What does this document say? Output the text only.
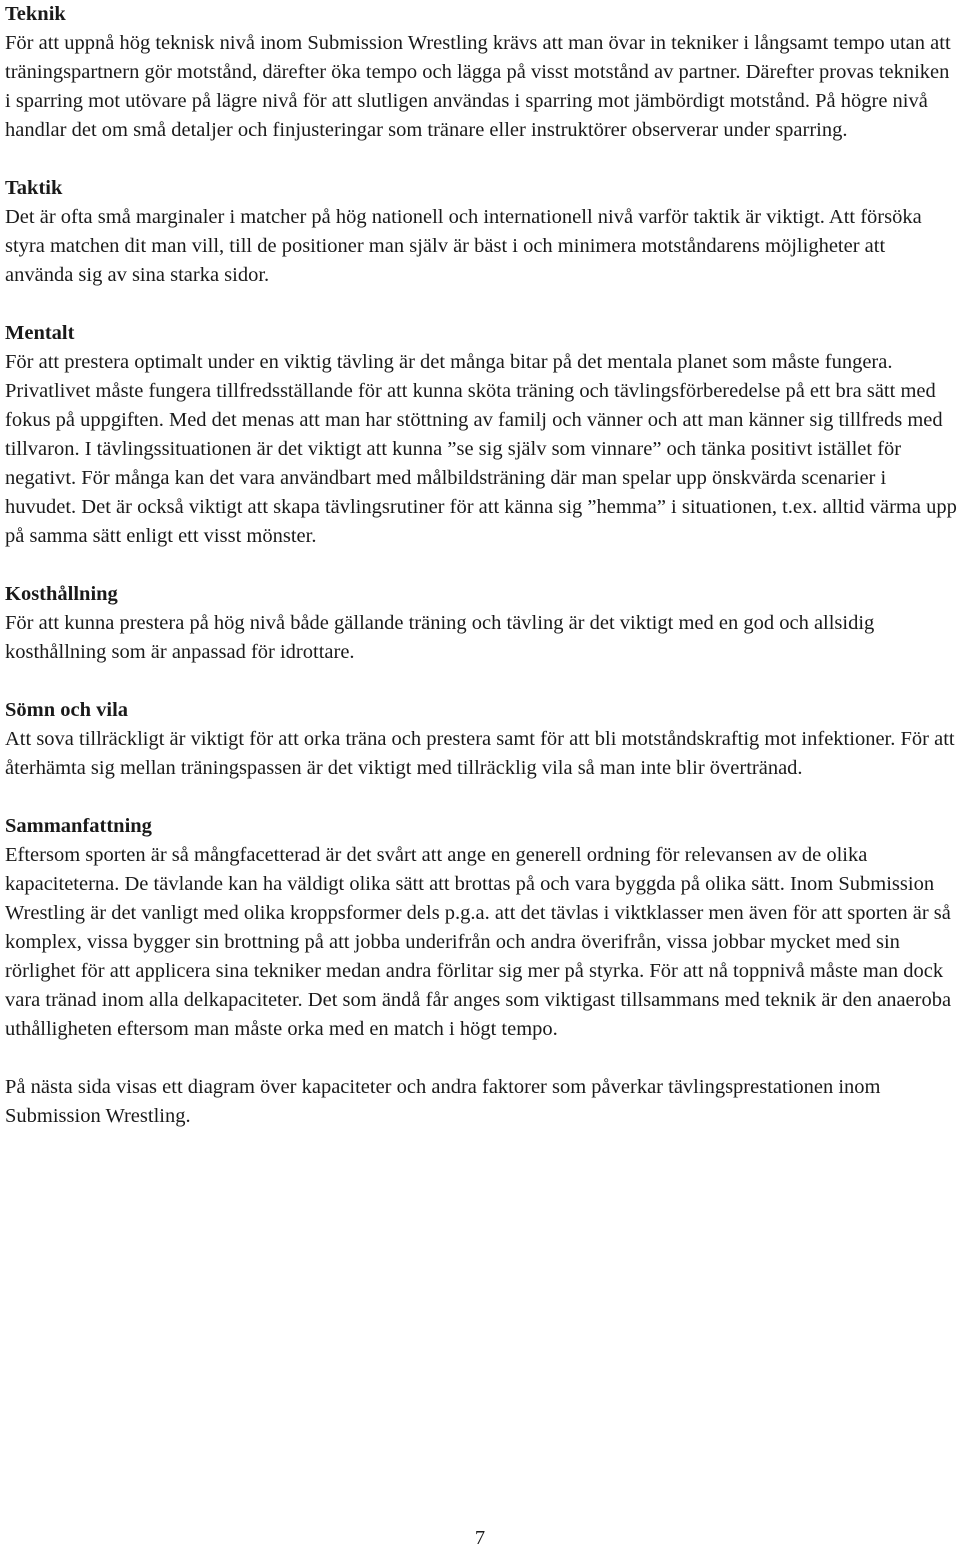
Teknik

För att uppnå hög teknisk nivå inom Submission Wrestling krävs att man övar in tekniker i långsamt tempo utan att träningspartnern gör motstånd, därefter öka tempo och lägga på visst motstånd av partner. Därefter provas tekniken i sparring mot utövare på lägre nivå för att slutligen användas i sparring mot jämbördigt motstånd. På högre nivå handlar det om små detaljer och finjusteringar som tränare eller instruktörer observerar under sparring.

Taktik

Det är ofta små marginaler i matcher på hög nationell och internationell nivå varför taktik är viktigt. Att försöka styra matchen dit man vill, till de positioner man själv är bäst i och minimera motståndarens möjligheter att använda sig av sina starka sidor.

Mentalt

För att prestera optimalt under en viktig tävling är det många bitar på det mentala planet som måste fungera. Privatlivet måste fungera tillfredsställande för att kunna sköta träning och tävlingsförberedelse på ett bra sätt med fokus på uppgiften. Med det menas att man har stöttning av familj och vänner och att man känner sig tillfreds med tillvaron. I tävlingssituationen är det viktigt att kunna ”se sig själv som vinnare” och tänka positivt istället för negativt. För många kan det vara användbart med målbildsträning där man spelar upp önskvärda scenarier i huvudet. Det är också viktigt att skapa tävlingsrutiner för att känna sig ”hemma” i situationen, t.ex. alltid värma upp på samma sätt enligt ett visst mönster.

Kosthållning

För att kunna prestera på hög nivå både gällande träning och tävling är det viktigt med en god och allsidig kosthållning som är anpassad för idrottare.

Sömn och vila

Att sova tillräckligt är viktigt för att orka träna och prestera samt för att bli motståndskraftig mot infektioner. För att återhämta sig mellan träningspassen är det viktigt med tillräcklig vila så man inte blir övertränad.

Sammanfattning

Eftersom sporten är så mångfacetterad är det svårt att ange en generell ordning för relevansen av de olika kapaciteterna. De tävlande kan ha väldigt olika sätt att brottas på och vara byggda på olika sätt. Inom Submission Wrestling är det vanligt med olika kroppsformer dels p.g.a. att det tävlas i viktklasser men även för att sporten är så komplex, vissa bygger sin brottning på att jobba underifrån och andra överifrån, vissa jobbar mycket med sin rörlighet för att applicera sina tekniker medan andra förlitar sig mer på styrka. För att nå toppnivå måste man dock vara tränad inom alla delkapaciteter. Det som ändå får anges som viktigast tillsammans med teknik är den anaeroba uthålligheten eftersom man måste orka med en match i högt tempo.

På nästa sida visas ett diagram över kapaciteter och andra faktorer som påverkar tävlingsprestationen inom Submission Wrestling.

7
